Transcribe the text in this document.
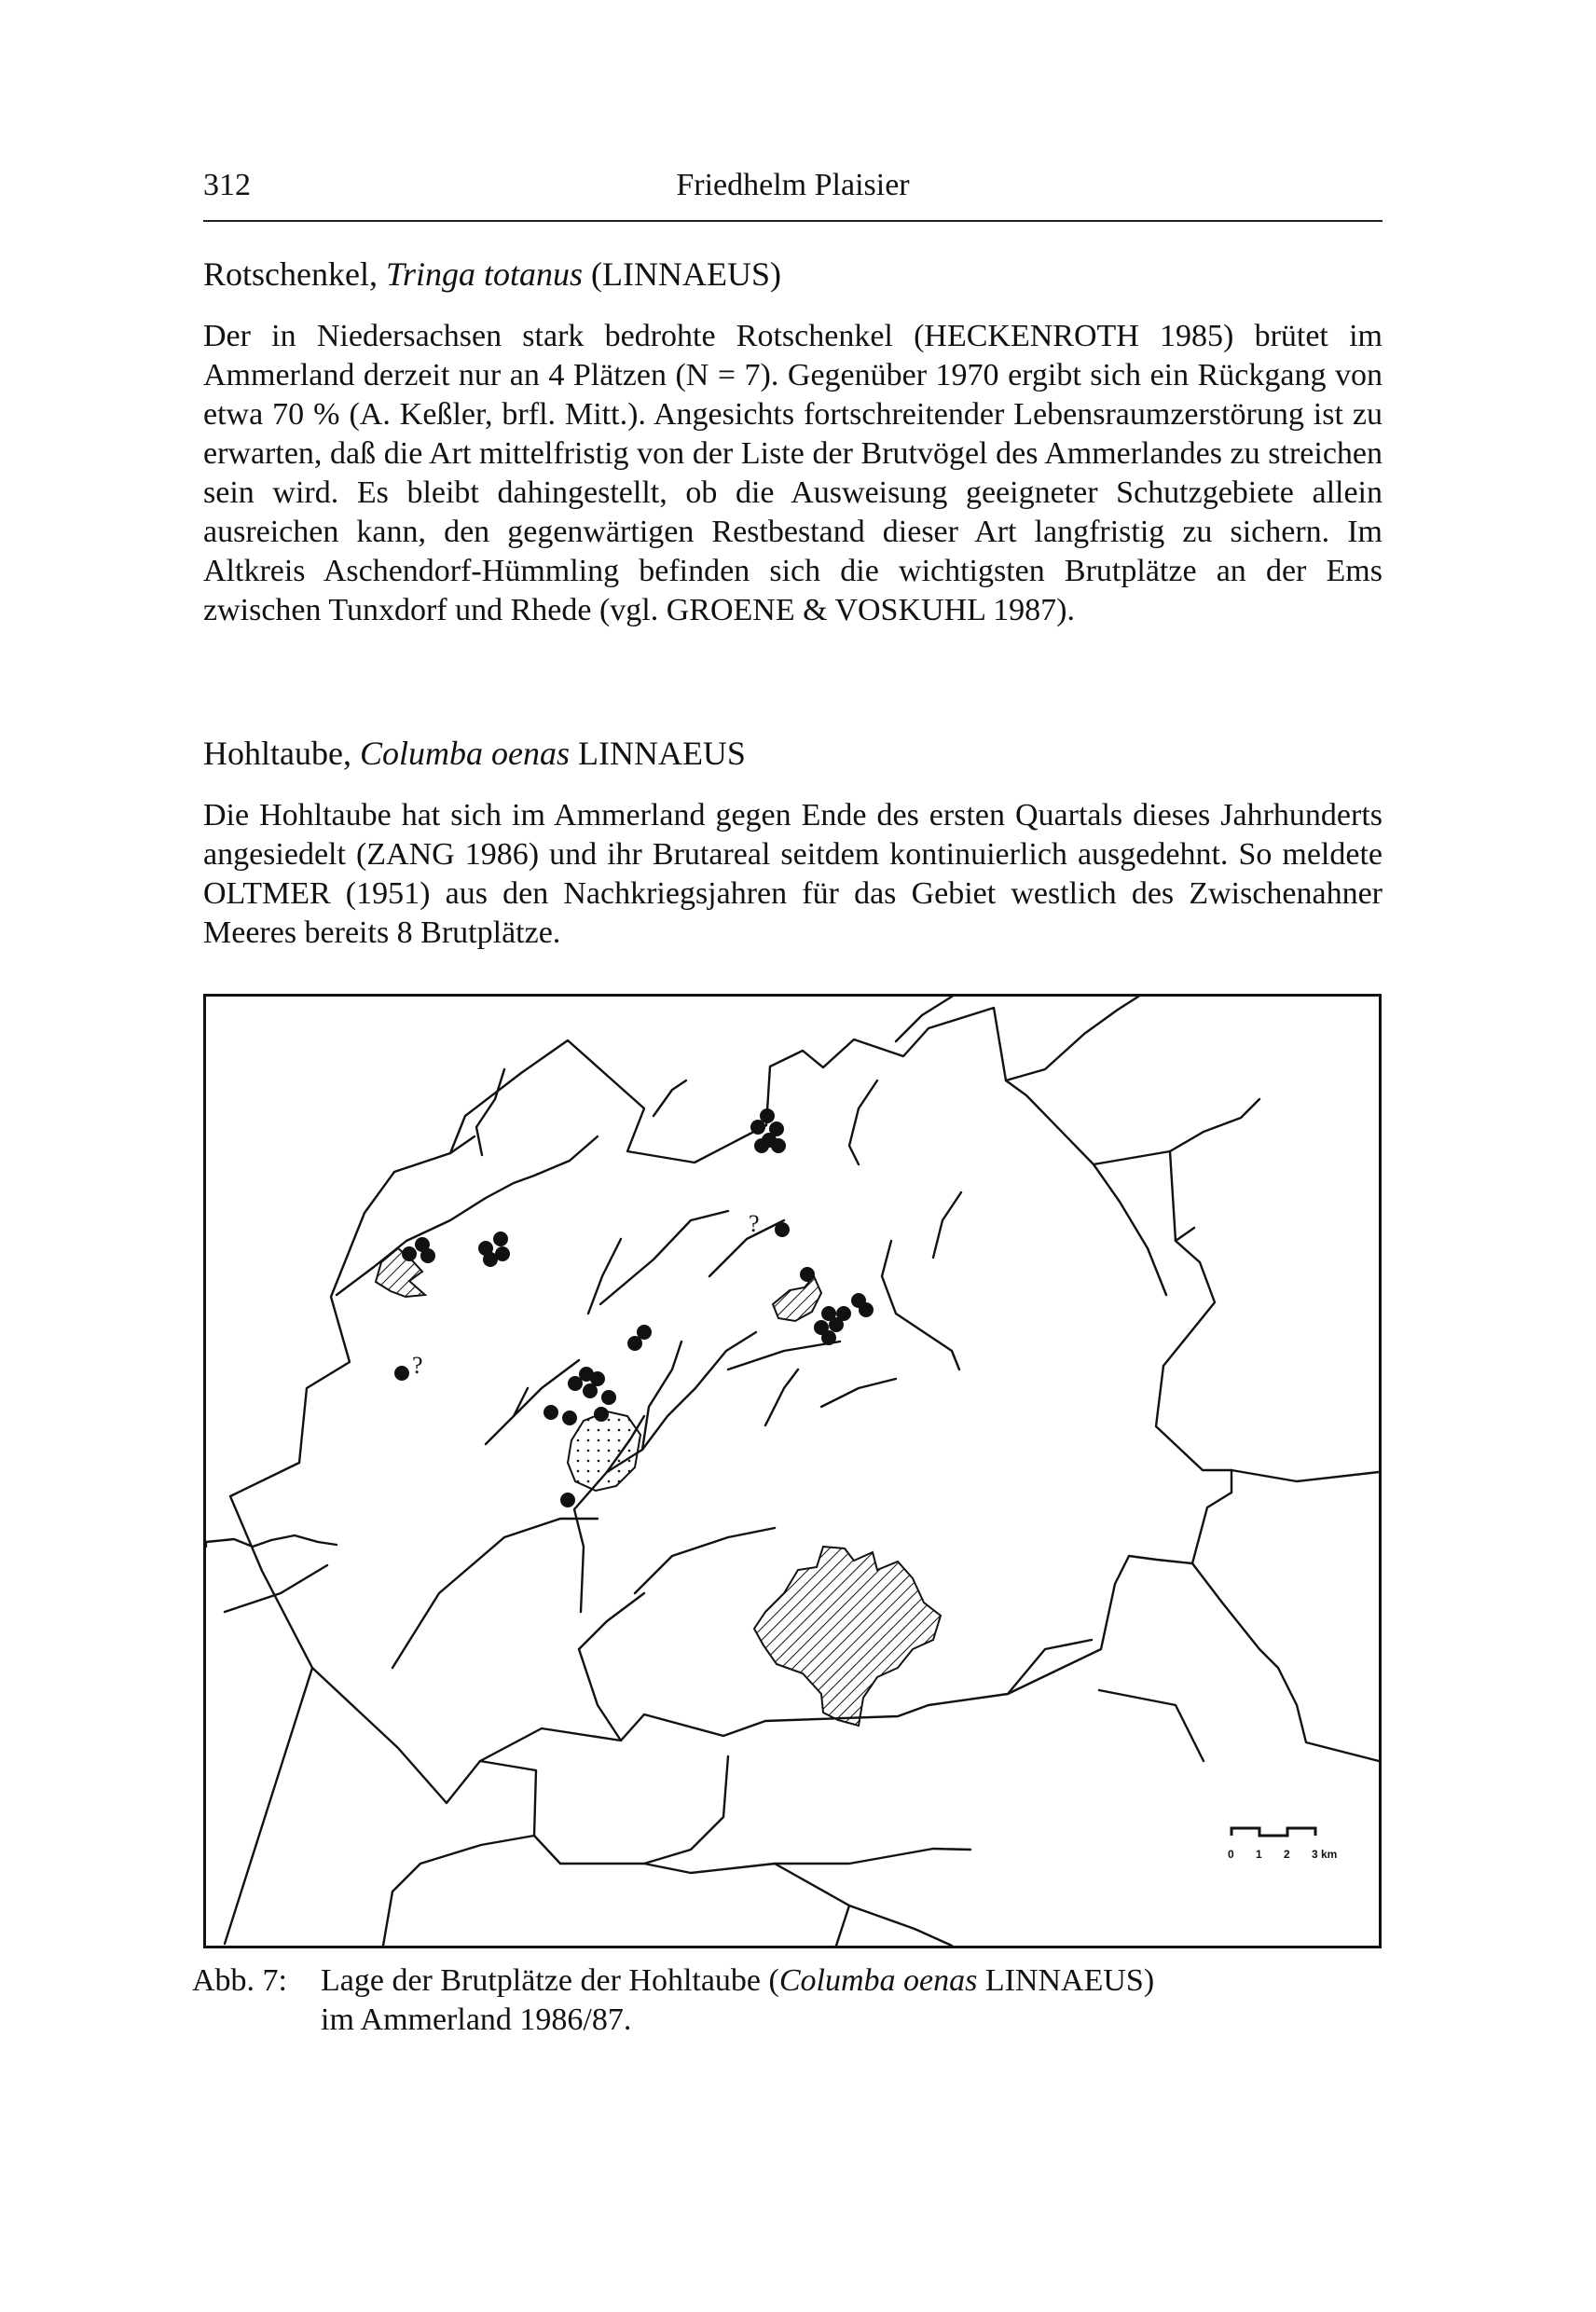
312	Friedhelm Plaisier
Rotschenkel, Tringa totanus (LINNAEUS)

Der in Niedersachsen stark bedrohte Rotschenkel (HECKENROTH 1985) brütet im Ammerland derzeit nur an 4 Plätzen (N = 7). Gegenüber 1970 ergibt sich ein Rückgang von etwa 70 % (A. Keßler, brfl. Mitt.). Angesichts fortschreitender Lebensraumzerstörung ist zu erwarten, daß die Art mittelfristig von der Liste der Brutvögel des Ammerlandes zu streichen sein wird. Es bleibt dahingestellt, ob die Ausweisung geeigneter Schutzgebiete allein ausreichen kann, den gegenwärtigen Restbestand dieser Art langfristig zu sichern. Im Altkreis Aschendorf-Hümmling befinden sich die wichtigsten Brutplätze an der Ems zwischen Tunxdorf und Rhede (vgl. GROENE & VOSKUHL 1987).

Hohltaube, Columba oenas LINNAEUS

Die Hohltaube hat sich im Ammerland gegen Ende des ersten Quartals dieses Jahrhunderts angesiedelt (ZANG 1986) und ihr Brutareal seitdem kontinuierlich ausgedehnt. So meldete OLTMER (1951) aus den Nachkriegsjahren für das Gebiet westlich des Zwischenahner Meeres bereits 8 Brutplätze.

?
?
0 1 2 3 km
Abb. 7: Lage der Brutplätze der Hohltaube (Columba oenas LINNAEUS)
im Ammerland 1986/87.
